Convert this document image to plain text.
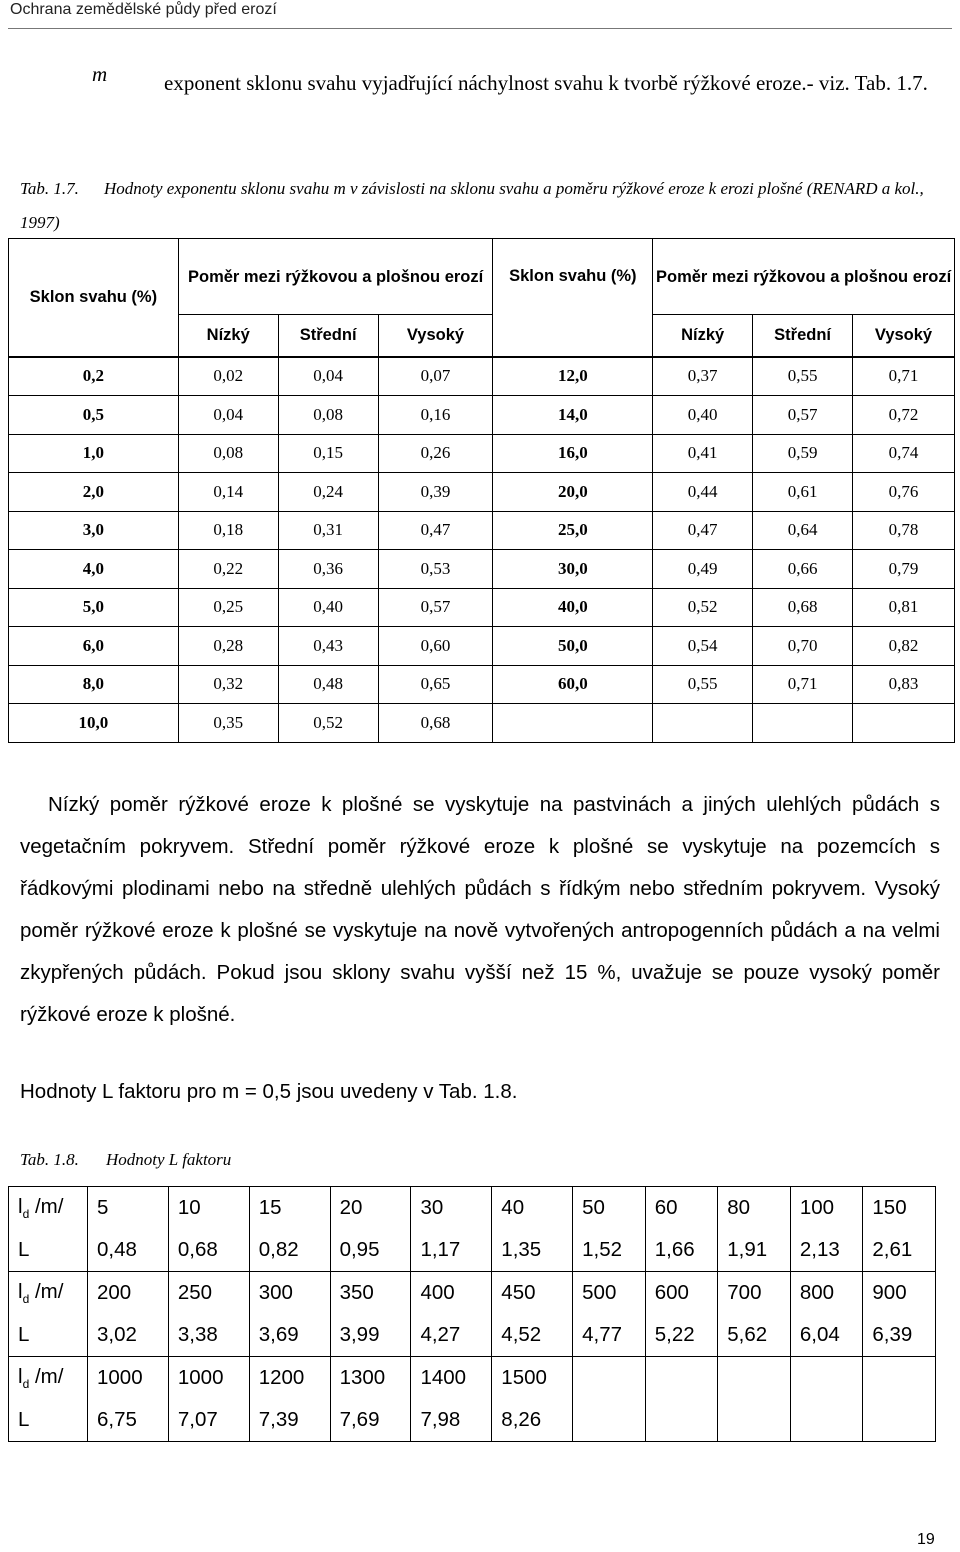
Ochrana zemědělské půdy před erozí
m	exponent sklonu svahu vyjadřující náchylnost svahu k tvorbě rýžkové eroze.- viz. Tab. 1.7.
Tab. 1.7. Hodnoty exponentu sklonu svahu m v závislosti na sklonu svahu a poměru rýžkové eroze k erozi plošné (RENARD a kol., 1997)
Sklon svahu (%)	Poměr mezi rýžkovou a plošnou erozí			Sklon svahu (%)	Poměr mezi rýžkovou a plošnou erozí		
	Nízký	Střední	Vysoký		Nízký	Střední	Vysoký
0,2	0,02	0,04	0,07	12,0	0,37	0,55	0,71
0,5	0,04	0,08	0,16	14,0	0,40	0,57	0,72
1,0	0,08	0,15	0,26	16,0	0,41	0,59	0,74
2,0	0,14	0,24	0,39	20,0	0,44	0,61	0,76
3,0	0,18	0,31	0,47	25,0	0,47	0,64	0,78
4,0	0,22	0,36	0,53	30,0	0,49	0,66	0,79
5,0	0,25	0,40	0,57	40,0	0,52	0,68	0,81
6,0	0,28	0,43	0,60	50,0	0,54	0,70	0,82
8,0	0,32	0,48	0,65	60,0	0,55	0,71	0,83
10,0	0,35	0,52	0,68				
Nízký poměr rýžkové eroze k plošné se vyskytuje na pastvinách a jiných ulehlých půdách s vegetačním pokryvem. Střední poměr rýžkové eroze k plošné se vyskytuje na pozemcích s řádkovými plodinami nebo na středně ulehlých půdách s řídkým nebo středním pokryvem. Vysoký poměr rýžkové eroze k plošné se vyskytuje na nově vytvořených antropogenních půdách a na velmi zkypřených půdách. Pokud jsou sklony svahu vyšší než 15 %, uvažuje se pouze vysoký poměr rýžkové eroze k plošné.
Hodnoty L faktoru pro m = 0,5 jsou uvedeny v Tab. 1.8.
Tab. 1.8. Hodnoty L faktoru
$l_d$ /m/	5	10	15	20	30	40	50	60	80	100	150
L	0,48	0,68	0,82	0,95	1,17	1,35	1,52	1,66	1,91	2,13	2,61
$l_d$ /m/	200	250	300	350	400	450	500	600	700	800	900
L	3,02	3,38	3,69	3,99	4,27	4,52	4,77	5,22	5,62	6,04	6,39
$l_d$ /m/	1000	1000	1200	1300	1400	1500					
L	6,75	7,07	7,39	7,69	7,98	8,26					
19
